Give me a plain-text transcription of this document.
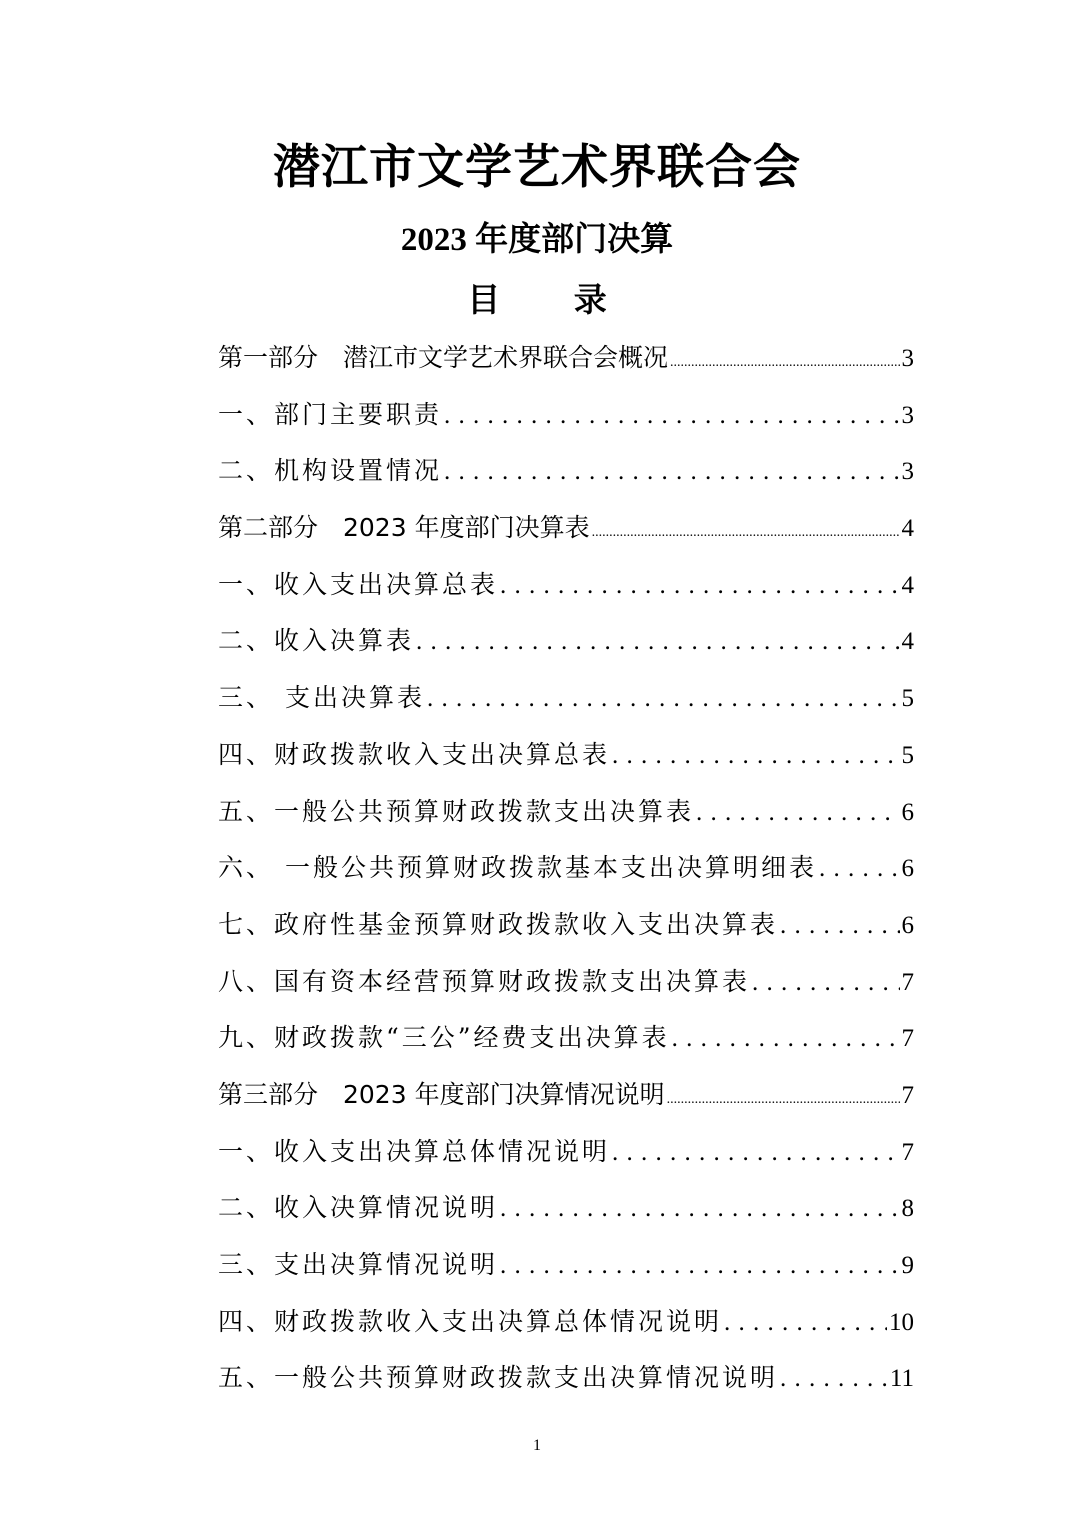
潜江市文学艺术界联合会
2023 年度部门决算
目 录
第一部分　潜江市文学艺术界联合会概况 .....	3
一、部门主要职责 . . .	3
二、机构设置情况 . . .	3
第二部分　2023 年度部门决算表 .....	4
一、收入支出决算总表 . . .	4
二、收入决算表 . . .	4
三、 支出决算表 . . .	5
四、财政拨款收入支出决算总表 . . .	5
五、一般公共预算财政拨款支出决算表 . . .	6
六、 一般公共预算财政拨款基本支出决算明细表 . . .	6
七、政府性基金预算财政拨款收入支出决算表 . . .	6
八、国有资本经营预算财政拨款支出决算表 . . .	7
九、财政拨款“三公”经费支出决算表 . . .	7
第三部分　2023 年度部门决算情况说明 .....	7
一、收入支出决算总体情况说明 . . .	7
二、收入决算情况说明 . . .	8
三、支出决算情况说明 . . .	9
四、财政拨款收入支出决算总体情况说明 . . .	10
五、一般公共预算财政拨款支出决算情况说明 . . .	11
1
